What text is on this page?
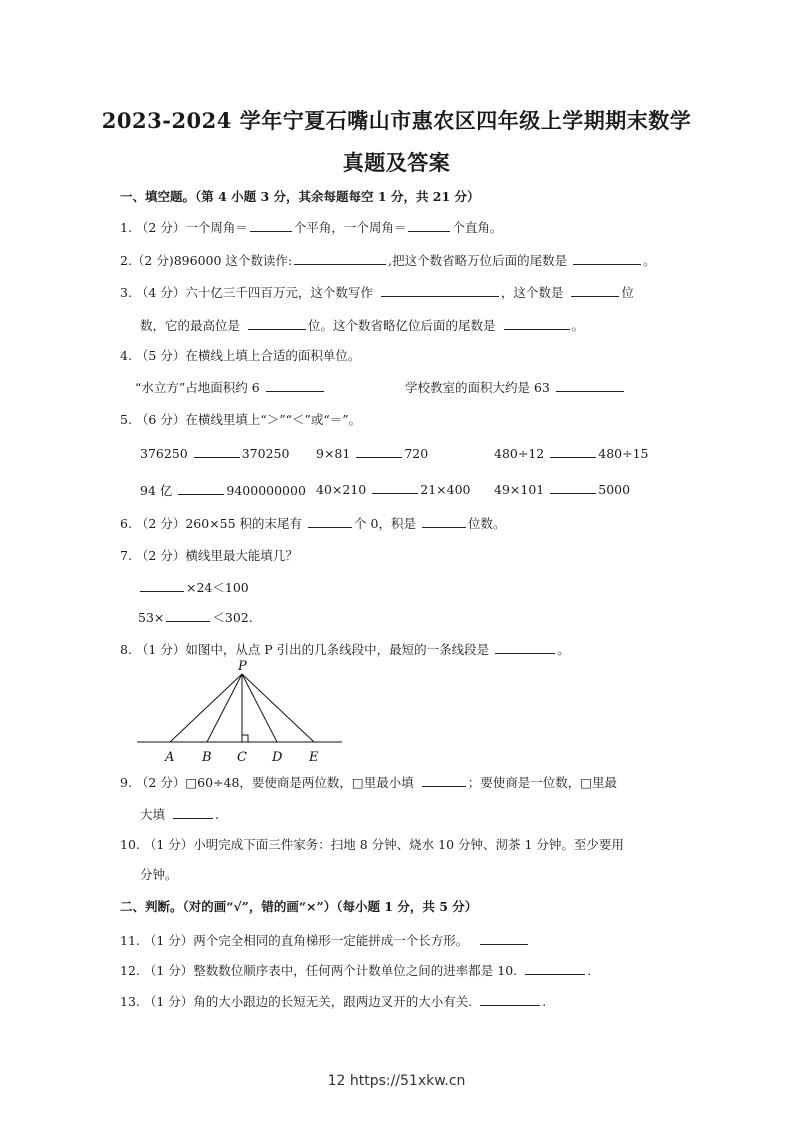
2023-2024 学年宁夏石嘴山市惠农区四年级上学期期末数学
真题及答案
一、填空题。（第 4 小题 3 分，其余每题每空 1 分，共 21 分）
1. （2 分）一个周角＝	个平角，一个周角＝	个直角。
2.（2 分)896000 这个数读作:	,把这个数省略万位后面的尾数是	。
3. （4 分）六十亿三千四百万元，这个数写作	，这个数是	位
数，它的最高位是	位。这个数省略亿位后面的尾数是	。
4. （5 分）在横线上填上合适的面积单位。
“水立方”占地面积约 6	学校教室的面积大约是 63
5. （6 分）在横线里填上“＞”“＜”或“＝”。
376250	370250 9×81	720	480÷12	480÷15
94 亿	9400000000 40×210	21×400 49×101	5000
6. （2 分）260×55 积的末尾有	个 0，积是	位数。
7. （2 分）横线里最大能填几？
×24＜100
53×	＜302.
8. （1 分）如图中，从点 P 引出的几条线段中，最短的一条线段是	。
P
A B C D E
9. （2 分）□60÷48，要使商是两位数，□里最小填	；要使商是一位数，□里最
大填	.
10. （1 分）小明完成下面三件家务：扫地 8 分钟、烧水 10 分钟、沏茶 1 分钟。至少要用
分钟。
二、判断。（对的画“√”，错的画“×”）（每小题 1 分，共 5 分）
11. （1 分）两个完全相同的直角梯形一定能拼成一个长方形。
12. （1 分）整数数位顺序表中，任何两个计数单位之间的进率都是 10.	.
13. （1 分）角的大小跟边的长短无关，跟两边叉开的大小有关.	.
12 https://51xkw.cn
